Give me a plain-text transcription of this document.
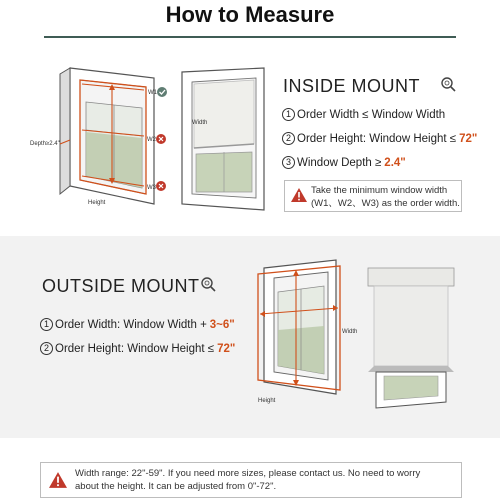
How to Measure
W1
W2
W3
Depth≥2.4"
Height
Width
INSIDE MOUNT
1 Order Width ≤ Window Width
2 Order Height: Window Height ≤ 72"
3 Window Depth ≥ 2.4"
Take the minimum window width
(W1、W2、W3) as the order width.
OUTSIDE MOUNT
1 Order Width: Window Width + 3~6"
2 Order Height: Window Height ≤ 72"
Width
Height
Width range: 22"-59". If you need more sizes, please contact us. No need to worry
about the height. It can be adjusted from 0"-72".
